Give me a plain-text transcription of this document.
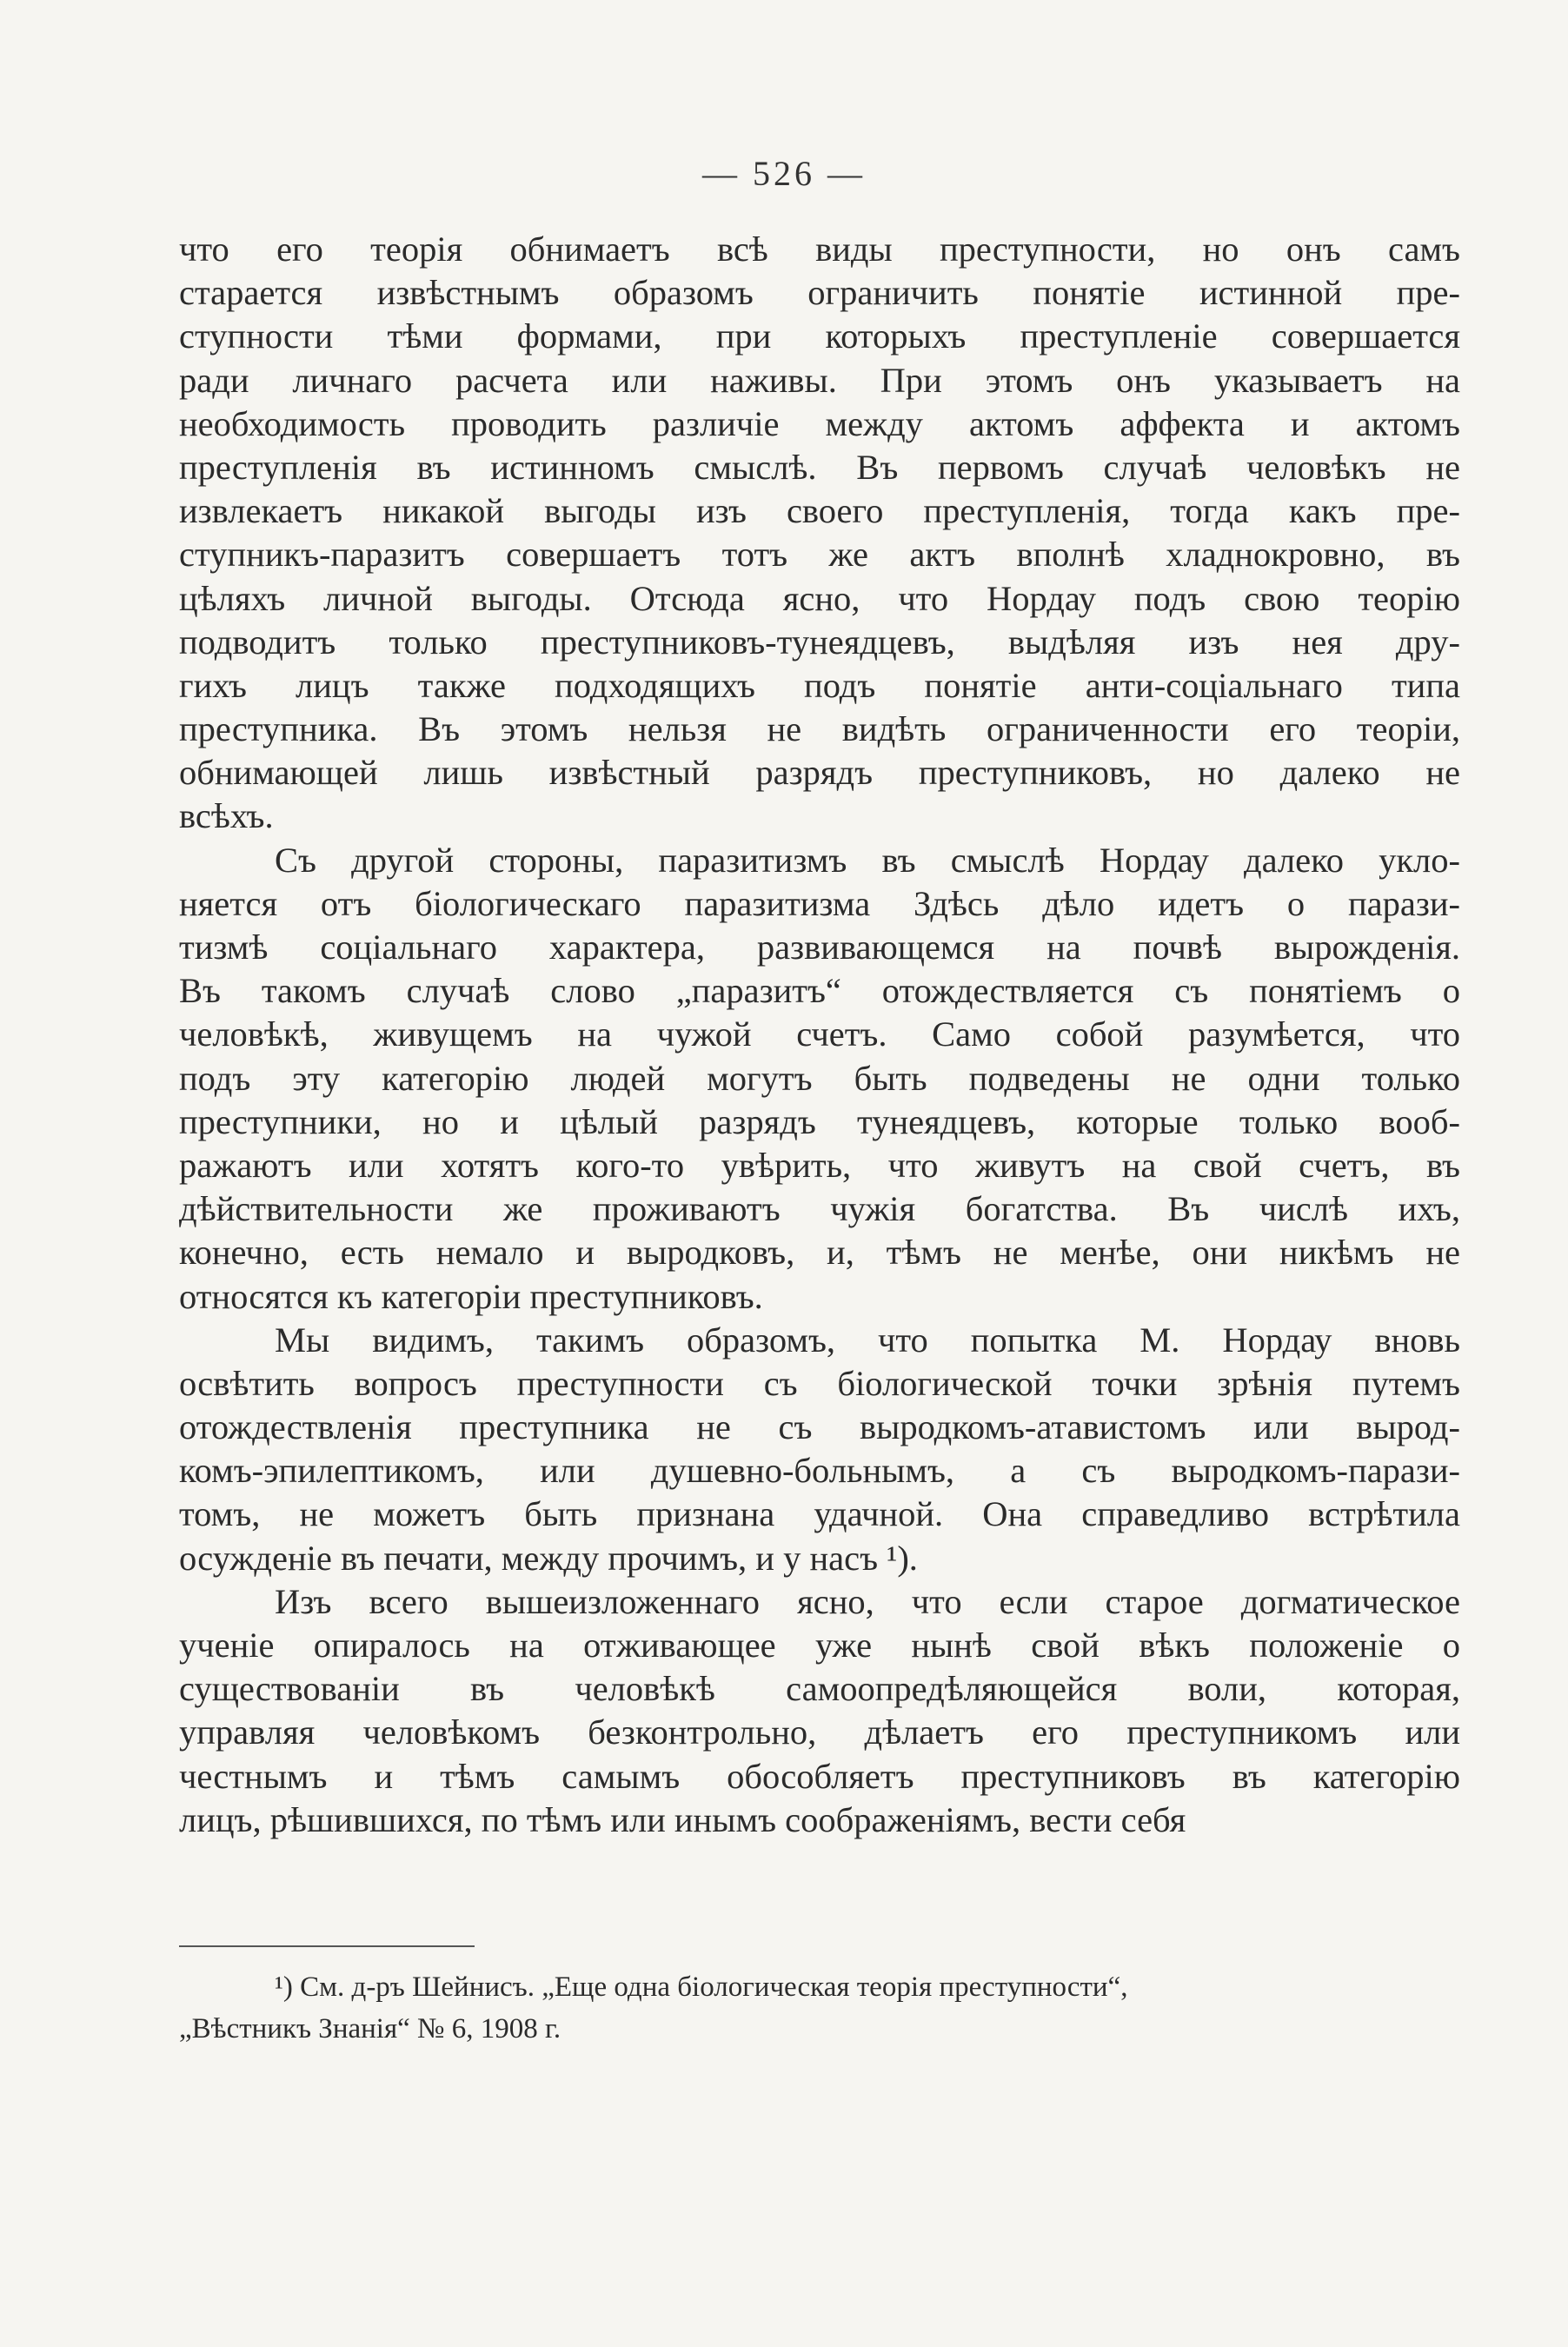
— 526 —
что его теорія обнимаетъ всѣ виды преступности, но онъ самъ
старается извѣстнымъ образомъ ограничить понятіе истинной пре-
ступности тѣми формами, при которыхъ преступленіе совершается
ради личнаго расчета или наживы. При этомъ онъ указываетъ на
необходимость проводить различіе между актомъ аффекта и актомъ
преступленія въ истинномъ смыслѣ. Въ первомъ случаѣ человѣкъ не
извлекаетъ никакой выгоды изъ своего преступленія, тогда какъ пре-
ступникъ-паразитъ совершаетъ тотъ же актъ вполнѣ хладнокровно, въ
цѣляхъ личной выгоды. Отсюда ясно, что Нордау подъ свою теорію
подводитъ только преступниковъ-тунеядцевъ, выдѣляя изъ нея дру-
гихъ лицъ также подходящихъ подъ понятіе анти-соціальнаго типа
преступника. Въ этомъ нельзя не видѣть ограниченности его теоріи,
обнимающей лишь извѣстный разрядъ преступниковъ, но далеко не
всѣхъ.
Съ другой стороны, паразитизмъ въ смыслѣ Нордау далеко укло-
няется отъ біологическаго паразитизма Здѣсь дѣло идетъ о парази-
тизмѣ соціальнаго характера, развивающемся на почвѣ вырожденія.
Въ такомъ случаѣ слово „паразитъ“ отождествляется съ понятіемъ о
человѣкѣ, живущемъ на чужой счетъ. Само собой разумѣется, что
подъ эту категорію людей могутъ быть подведены не одни только
преступники, но и цѣлый разрядъ тунеядцевъ, которые только вооб-
ражаютъ или хотятъ кого-то увѣрить, что живутъ на свой счетъ, въ
дѣйствительности же проживаютъ чужія богатства. Въ числѣ ихъ,
конечно, есть немало и выродковъ, и, тѣмъ не менѣе, они никѣмъ не
относятся къ категоріи преступниковъ.
Мы видимъ, такимъ образомъ, что попытка М. Нордау вновь
освѣтить вопросъ преступности съ біологической точки зрѣнія путемъ
отождествленія преступника не съ выродкомъ-атавистомъ или вырод-
комъ-эпилептикомъ, или душевно-больнымъ, а съ выродкомъ-парази-
томъ, не можетъ быть признана удачной. Она справедливо встрѣтила
осужденіе въ печати, между прочимъ, и у насъ ¹).
Изъ всего вышеизложеннаго ясно, что если старое догматическое
ученіе опиралось на отживающее уже нынѣ свой вѣкъ положеніе о
существованіи въ человѣкѣ самоопредѣляющейся воли, которая,
управляя человѣкомъ безконтрольно, дѣлаетъ его преступникомъ или
честнымъ и тѣмъ самымъ обособляетъ преступниковъ въ категорію
лицъ, рѣшившихся, по тѣмъ или инымъ соображеніямъ, вести себя
¹) См. д-ръ Шейнисъ. „Еще одна біологическая теорія преступности“,
„Вѣстникъ Знанія“ № 6, 1908 г.
